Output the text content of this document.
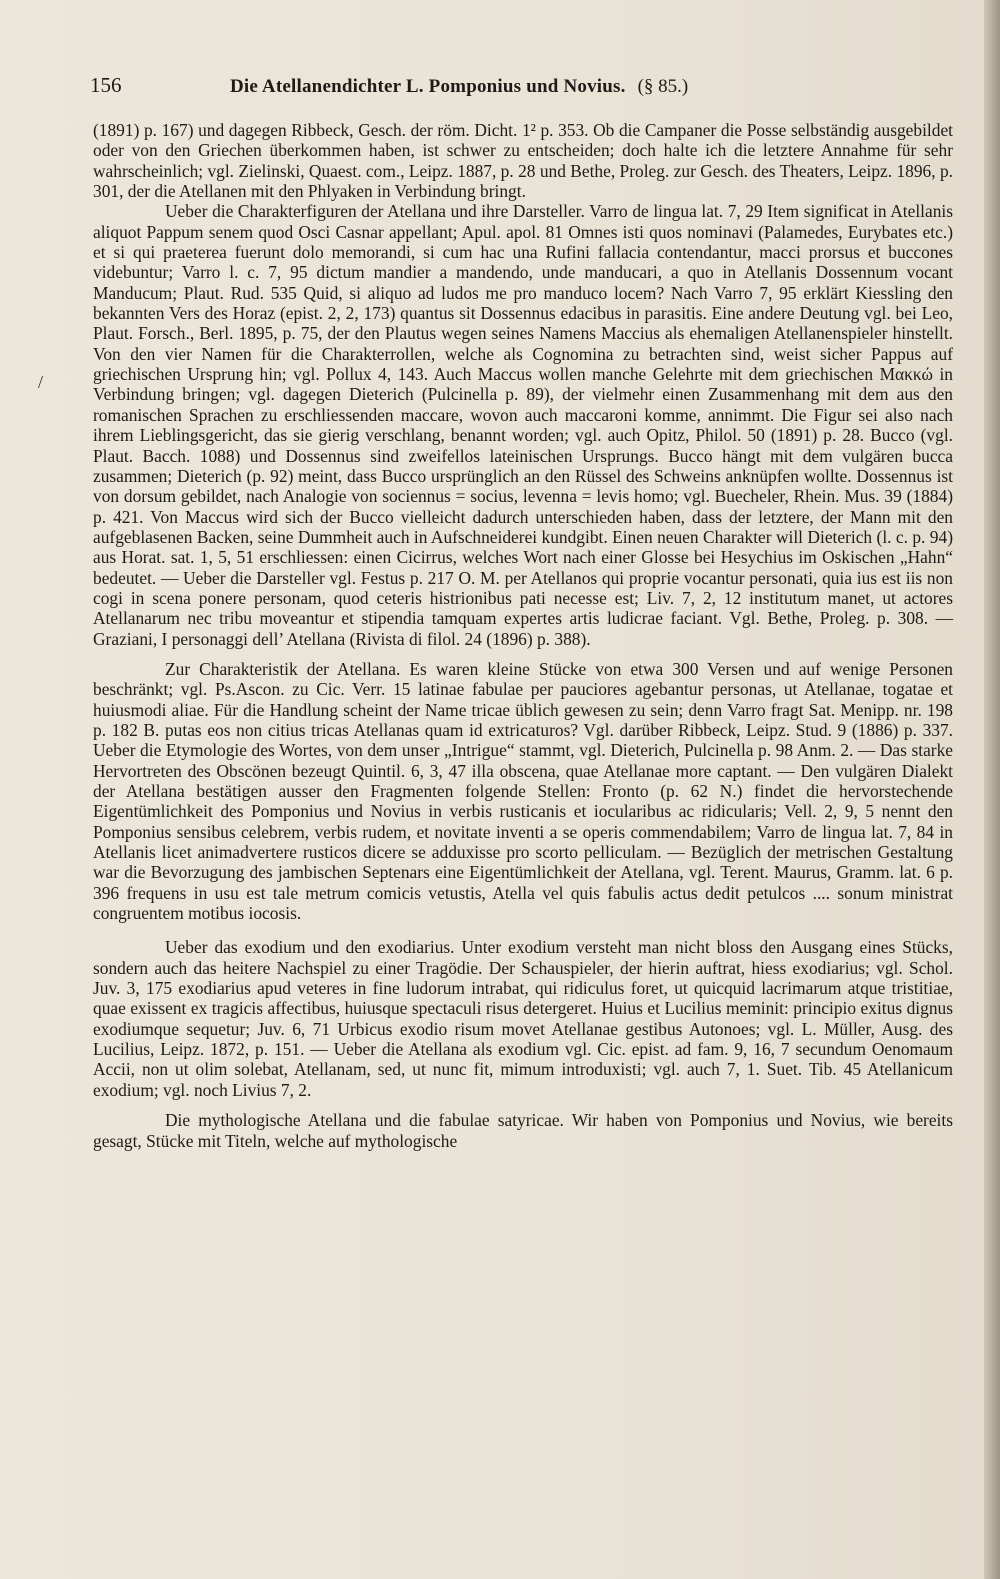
156	Die Atellanendichter L. Pomponius und Novius. (§ 85.)
/

(1891) p. 167) und dagegen Ribbeck, Gesch. der röm. Dicht. 1² p. 353. Ob die Campaner die Posse selbständig ausgebildet oder von den Griechen überkommen haben, ist schwer zu entscheiden; doch halte ich die letztere Annahme für sehr wahrscheinlich; vgl. Zielinski, Quaest. com., Leipz. 1887, p. 28 und Bethe, Proleg. zur Gesch. des Theaters, Leipz. 1896, p. 301, der die Atellanen mit den Phlyaken in Verbindung bringt.

Ueber die Charakterfiguren der Atellana und ihre Darsteller. Varro de lingua lat. 7, 29 Item significat in Atellanis aliquot Pappum senem quod Osci Casnar appellant; Apul. apol. 81 Omnes isti quos nominavi (Palamedes, Eurybates etc.) et si qui praeterea fuerunt dolo memorandi, si cum hac una Rufini fallacia contendantur, macci prorsus et buccones videbuntur; Varro l. c. 7, 95 dictum mandier a mandendo, unde manducari, a quo in Atellanis Dossennum vocant Manducum; Plaut. Rud. 535 Quid, si aliquo ad ludos me pro manduco locem? Nach Varro 7, 95 erklärt Kiessling den bekannten Vers des Horaz (epist. 2, 2, 173) quantus sit Dossennus edacibus in parasitis. Eine andere Deutung vgl. bei Leo, Plaut. Forsch., Berl. 1895, p. 75, der den Plautus wegen seines Namens Maccius als ehemaligen Atellanenspieler hinstellt. Von den vier Namen für die Charakterrollen, welche als Cognomina zu betrachten sind, weist sicher Pappus auf griechischen Ursprung hin; vgl. Pollux 4, 143. Auch Maccus wollen manche Gelehrte mit dem griechischen Μακκώ in Verbindung bringen; vgl. dagegen Dieterich (Pulcinella p. 89), der vielmehr einen Zusammenhang mit dem aus den romanischen Sprachen zu erschliessenden maccare, wovon auch maccaroni komme, annimmt. Die Figur sei also nach ihrem Lieblingsgericht, das sie gierig verschlang, benannt worden; vgl. auch Opitz, Philol. 50 (1891) p. 28. Bucco (vgl. Plaut. Bacch. 1088) und Dossennus sind zweifellos lateinischen Ursprungs. Bucco hängt mit dem vulgären bucca zusammen; Dieterich (p. 92) meint, dass Bucco ursprünglich an den Rüssel des Schweins anknüpfen wollte. Dossennus ist von dorsum gebildet, nach Analogie von sociennus = socius, levenna = levis homo; vgl. Buecheler, Rhein. Mus. 39 (1884) p. 421. Von Maccus wird sich der Bucco vielleicht dadurch unterschieden haben, dass der letztere, der Mann mit den aufgeblasenen Backen, seine Dummheit auch in Aufschneiderei kundgibt. Einen neuen Charakter will Dieterich (l. c. p. 94) aus Horat. sat. 1, 5, 51 erschliessen: einen Cicirrus, welches Wort nach einer Glosse bei Hesychius im Oskischen „Hahn“ bedeutet. — Ueber die Darsteller vgl. Festus p. 217 O. M. per Atellanos qui proprie vocantur personati, quia ius est iis non cogi in scena ponere personam, quod ceteris histrionibus pati necesse est; Liv. 7, 2, 12 institutum manet, ut actores Atellanarum nec tribu moveantur et stipendia tamquam expertes artis ludicrae faciant. Vgl. Bethe, Proleg. p. 308. — Graziani, I personaggi dell’ Atellana (Rivista di filol. 24 (1896) p. 388).

Zur Charakteristik der Atellana. Es waren kleine Stücke von etwa 300 Versen und auf wenige Personen beschränkt; vgl. Ps.Ascon. zu Cic. Verr. 15 latinae fabulae per pauciores agebantur personas, ut Atellanae, togatae et huiusmodi aliae. Für die Handlung scheint der Name tricae üblich gewesen zu sein; denn Varro fragt Sat. Menipp. nr. 198 p. 182 B. putas eos non citius tricas Atellanas quam id extricaturos? Vgl. darüber Ribbeck, Leipz. Stud. 9 (1886) p. 337. Ueber die Etymologie des Wortes, von dem unser „Intrigue“ stammt, vgl. Dieterich, Pulcinella p. 98 Anm. 2. — Das starke Hervortreten des Obscönen bezeugt Quintil. 6, 3, 47 illa obscena, quae Atellanae more captant. — Den vulgären Dialekt der Atellana bestätigen ausser den Fragmenten folgende Stellen: Fronto (p. 62 N.) findet die hervorstechende Eigentümlichkeit des Pomponius und Novius in verbis rusticanis et iocularibus ac ridicularis; Vell. 2, 9, 5 nennt den Pomponius sensibus celebrem, verbis rudem, et novitate inventi a se operis commendabilem; Varro de lingua lat. 7, 84 in Atellanis licet animadvertere rusticos dicere se adduxisse pro scorto pelliculam. — Bezüglich der metrischen Gestaltung war die Bevorzugung des jambischen Septenars eine Eigentümlichkeit der Atellana, vgl. Terent. Maurus, Gramm. lat. 6 p. 396 frequens in usu est tale metrum comicis vetustis, Atella vel quis fabulis actus dedit petulcos .... sonum ministrat congruentem motibus iocosis.

Ueber das exodium und den exodiarius. Unter exodium versteht man nicht bloss den Ausgang eines Stücks, sondern auch das heitere Nachspiel zu einer Tragödie. Der Schauspieler, der hierin auftrat, hiess exodiarius; vgl. Schol. Juv. 3, 175 exodiarius apud veteres in fine ludorum intrabat, qui ridiculus foret, ut quicquid lacrimarum atque tristitiae, quae exissent ex tragicis affectibus, huiusque spectaculi risus detergeret. Huius et Lucilius meminit: principio exitus dignus exodiumque sequetur; Juv. 6, 71 Urbicus exodio risum movet Atellanae gestibus Autonoes; vgl. L. Müller, Ausg. des Lucilius, Leipz. 1872, p. 151. — Ueber die Atellana als exodium vgl. Cic. epist. ad fam. 9, 16, 7 secundum Oenomaum Accii, non ut olim solebat, Atellanam, sed, ut nunc fit, mimum introduxisti; vgl. auch 7, 1. Suet. Tib. 45 Atellanicum exodium; vgl. noch Livius 7, 2.

Die mythologische Atellana und die fabulae satyricae. Wir haben von Pomponius und Novius, wie bereits gesagt, Stücke mit Titeln, welche auf mythologische
